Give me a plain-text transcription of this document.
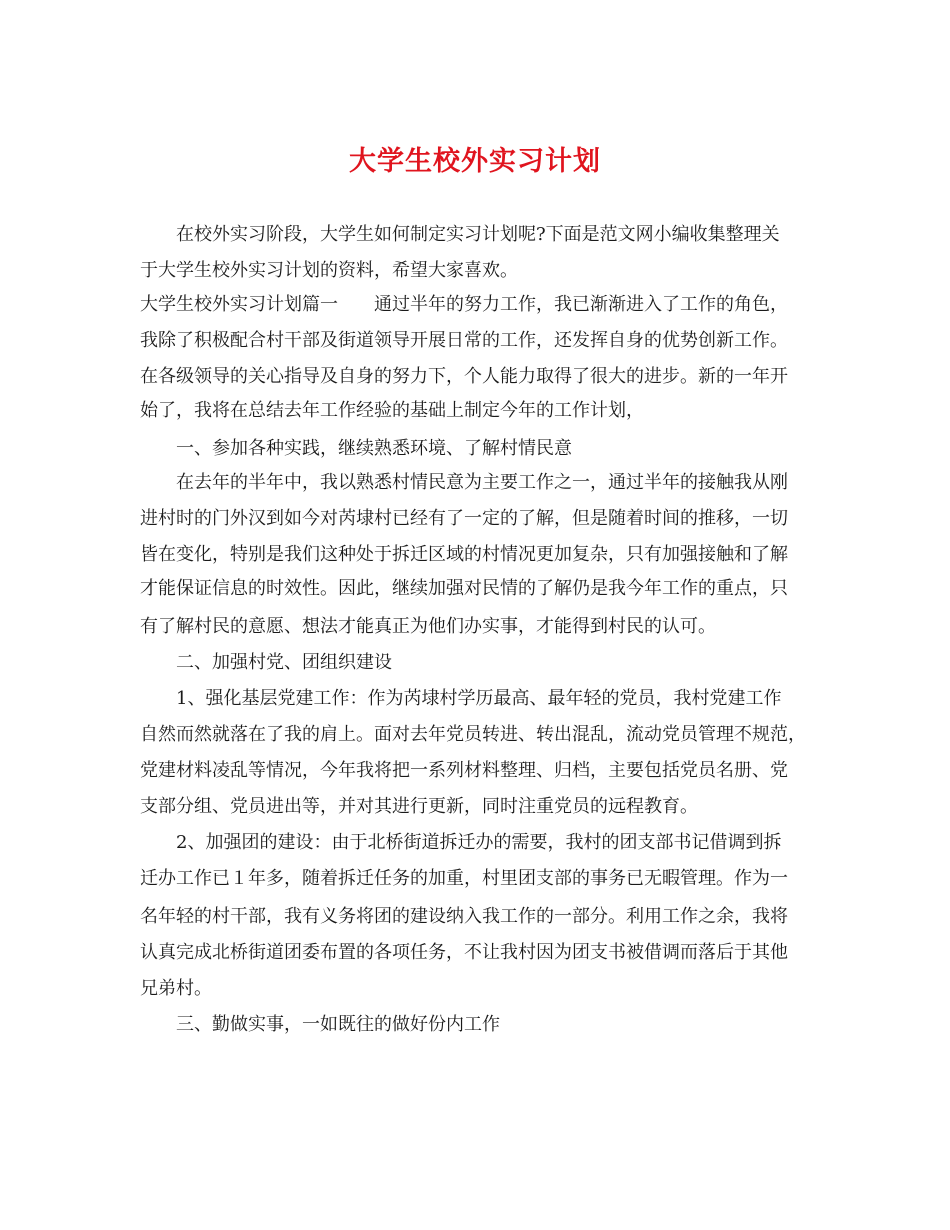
大学生校外实习计划
在校外实习阶段，大学生如何制定实习计划呢?下面是范文网小编收集整理关
于大学生校外实习计划的资料，希望大家喜欢。
大学生校外实习计划篇一　　通过半年的努力工作，我已渐渐进入了工作的角色，
我除了积极配合村干部及街道领导开展日常的工作，还发挥自身的优势创新工作。
在各级领导的关心指导及自身的努力下，个人能力取得了很大的进步。新的一年开
始了，我将在总结去年工作经验的基础上制定今年的工作计划，
一、参加各种实践，继续熟悉环境、了解村情民意
在去年的半年中，我以熟悉村情民意为主要工作之一，通过半年的接触我从刚
进村时的门外汉到如今对芮埭村已经有了一定的了解，但是随着时间的推移，一切
皆在变化，特别是我们这种处于拆迁区域的村情况更加复杂，只有加强接触和了解
才能保证信息的时效性。因此，继续加强对民情的了解仍是我今年工作的重点，只
有了解村民的意愿、想法才能真正为他们办实事，才能得到村民的认可。
二、加强村党、团组织建设
1、强化基层党建工作：作为芮埭村学历最高、最年轻的党员，我村党建工作
自然而然就落在了我的肩上。面对去年党员转进、转出混乱，流动党员管理不规范，
党建材料凌乱等情况，今年我将把一系列材料整理、归档，主要包括党员名册、党
支部分组、党员进出等，并对其进行更新，同时注重党员的远程教育。
2、加强团的建设：由于北桥街道拆迁办的需要，我村的团支部书记借调到拆
迁办工作已１年多，随着拆迁任务的加重，村里团支部的事务已无暇管理。作为一
名年轻的村干部，我有义务将团的建设纳入我工作的一部分。利用工作之余，我将
认真完成北桥街道团委布置的各项任务，不让我村因为团支书被借调而落后于其他
兄弟村。
三、勤做实事，一如既往的做好份内工作
